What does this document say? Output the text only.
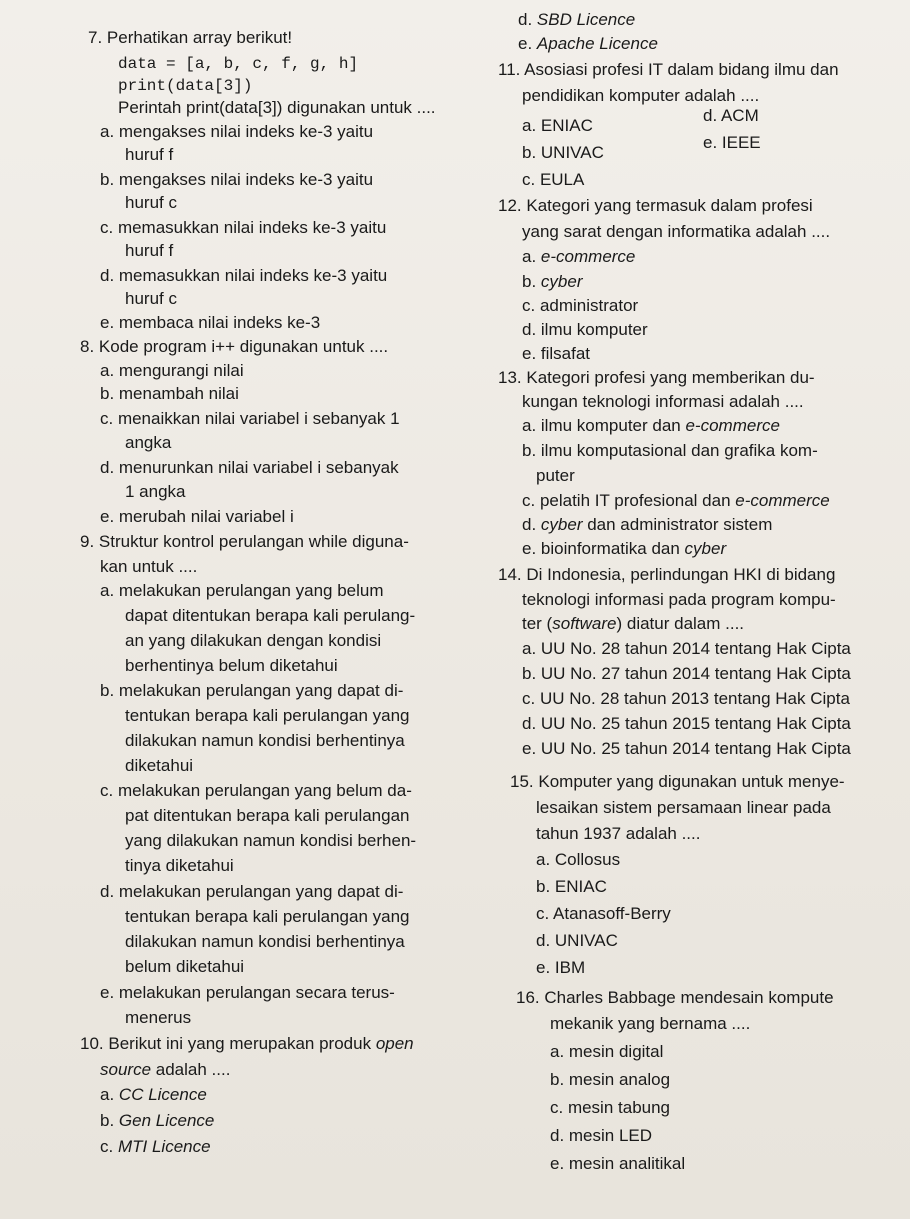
7. Perhatikan array berikut!
data = [a, b, c, f, g, h]
print(data[3])
Perintah print(data[3]) digunakan untuk ....
a. mengakses nilai indeks ke-3 yaitu
huruf f
b. mengakses nilai indeks ke-3 yaitu
huruf c
c. memasukkan nilai indeks ke-3 yaitu
huruf f
d. memasukkan nilai indeks ke-3 yaitu
huruf c
e. membaca nilai indeks ke-3
8. Kode program i++ digunakan untuk ....
a. mengurangi nilai
b. menambah nilai
c. menaikkan nilai variabel i sebanyak 1
angka
d. menurunkan nilai variabel i sebanyak
1 angka
e. merubah nilai variabel i
9. Struktur kontrol perulangan while diguna-
kan untuk ....
a. melakukan perulangan yang belum
dapat ditentukan berapa kali perulang-
an yang dilakukan dengan kondisi
berhentinya belum diketahui
b. melakukan perulangan yang dapat di-
tentukan berapa kali perulangan yang
dilakukan namun kondisi berhentinya
diketahui
c. melakukan perulangan yang belum da-
pat ditentukan berapa kali perulangan
yang dilakukan namun kondisi berhen-
tinya diketahui
d. melakukan perulangan yang dapat di-
tentukan berapa kali perulangan yang
dilakukan namun kondisi berhentinya
belum diketahui
e. melakukan perulangan secara terus-
menerus
10. Berikut ini yang merupakan produk open
source adalah ....
a. CC Licence
b. Gen Licence
c. MTI Licence
d. SBD Licence
e. Apache Licence
11. Asosiasi profesi IT dalam bidang ilmu dan
pendidikan komputer adalah ....
a. ENIAC
d. ACM
b. UNIVAC
e. IEEE
c. EULA
12. Kategori yang termasuk dalam profesi
yang sarat dengan informatika adalah ....
a. e-commerce
b. cyber
c. administrator
d. ilmu komputer
e. filsafat
13. Kategori profesi yang memberikan du-
kungan teknologi informasi adalah ....
a. ilmu komputer dan e-commerce
b. ilmu komputasional dan grafika kom-
puter
c. pelatih IT profesional dan e-commerce
d. cyber dan administrator sistem
e. bioinformatika dan cyber
14. Di Indonesia, perlindungan HKI di bidang
teknologi informasi pada program kompu-
ter (software) diatur dalam ....
a. UU No. 28 tahun 2014 tentang Hak Cipta
b. UU No. 27 tahun 2014 tentang Hak Cipta
c. UU No. 28 tahun 2013 tentang Hak Cipta
d. UU No. 25 tahun 2015 tentang Hak Cipta
e. UU No. 25 tahun 2014 tentang Hak Cipta
15. Komputer yang digunakan untuk menye-
lesaikan sistem persamaan linear pada
tahun 1937 adalah ....
a. Collosus
b. ENIAC
c. Atanasoff-Berry
d. UNIVAC
e. IBM
16. Charles Babbage mendesain kompute
mekanik yang bernama ....
a. mesin digital
b. mesin analog
c. mesin tabung
d. mesin LED
e. mesin analitikal
